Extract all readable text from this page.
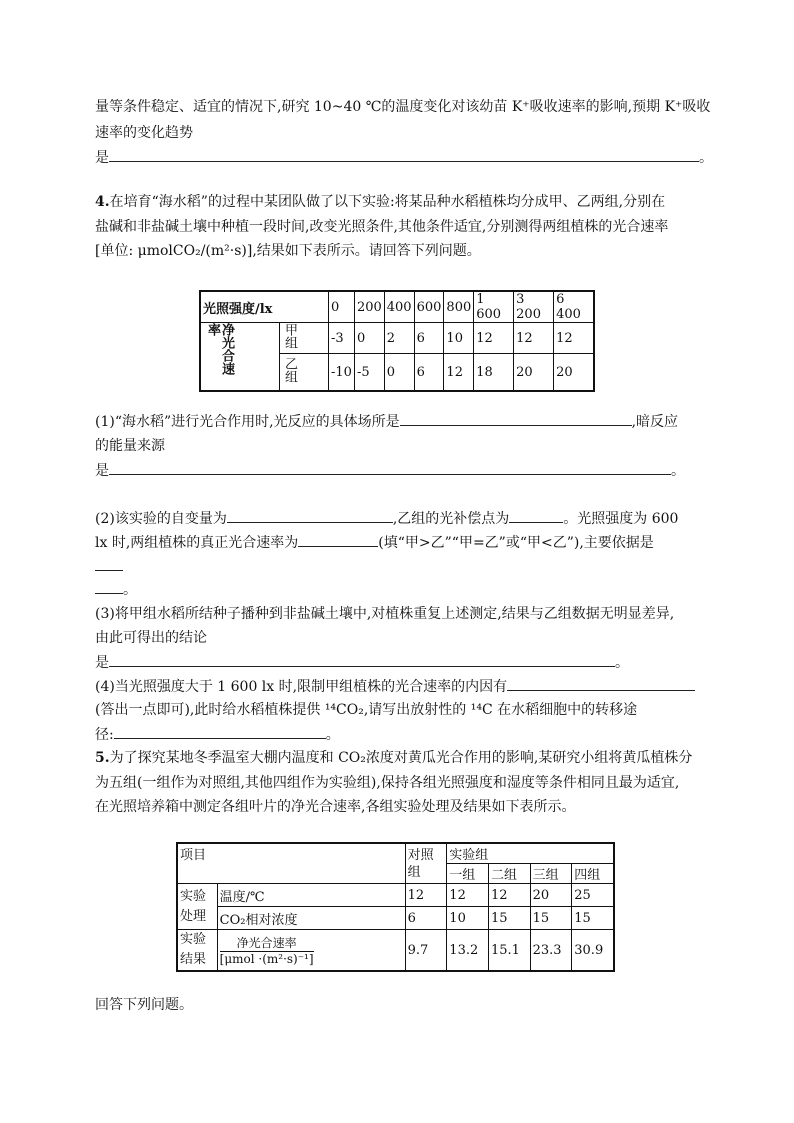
量等条件稳定、适宜的情况下,研究 10~40 ℃的温度变化对该幼苗 K⁺吸收速率的影响,预期 K⁺吸收
速率的变化趋势
是	。
4.在培育“海水稻”的过程中某团队做了以下实验:将某品种水稻植株均分成甲、乙两组,分别在
盐碱和非盐碱土壤中种植一段时间,改变光照条件,其他条件适宜,分别测得两组植株的光合速率
[单位: μmolCO₂/(m²·s)],结果如下表所示。请回答下列问题。
光照强度/lx		0	200	400	600	800	1 600	3 200	6 400
净光合速率	甲组	-3	0	2	6	10	12	12	12
	乙组	-10	-5	0	6	12	18	20	20
(1)“海水稻”进行光合作用时,光反应的具体场所是	,暗反应
的能量来源
是	。
(2)该实验的自变量为	,乙组的光补偿点为	。光照强度为 600
lx 时,两组植株的真正光合速率为	(填“甲>乙”“甲=乙”或“甲<乙”),主要依据是
。
(3)将甲组水稻所结种子播种到非盐碱土壤中,对植株重复上述测定,结果与乙组数据无明显差异,
由此可得出的结论
是	。
(4)当光照强度大于 1 600 lx 时,限制甲组植株的光合速率的内因有
(答出一点即可),此时给水稻植株提供 ¹⁴CO₂,请写出放射性的 ¹⁴C 在水稻细胞中的转移途
径:	。
5.为了探究某地冬季温室大棚内温度和 CO₂浓度对黄瓜光合作用的影响,某研究小组将黄瓜植株分
为五组(一组作为对照组,其他四组作为实验组),保持各组光照强度和湿度等条件相同且最为适宜,
在光照培养箱中测定各组叶片的净光合速率,各组实验处理及结果如下表所示。
项目		对照组	实验组			
			一组	二组	三组	四组
实验处理	温度/℃	12	12	12	20	25
	CO₂相对浓度	6	10	15	15	15
实验结果	$\frac{\text{净光合速率}}{\text{[μmol ·(m²·s)⁻¹]}}$	9.7	13.2	15.1	23.3	30.9
回答下列问题。
